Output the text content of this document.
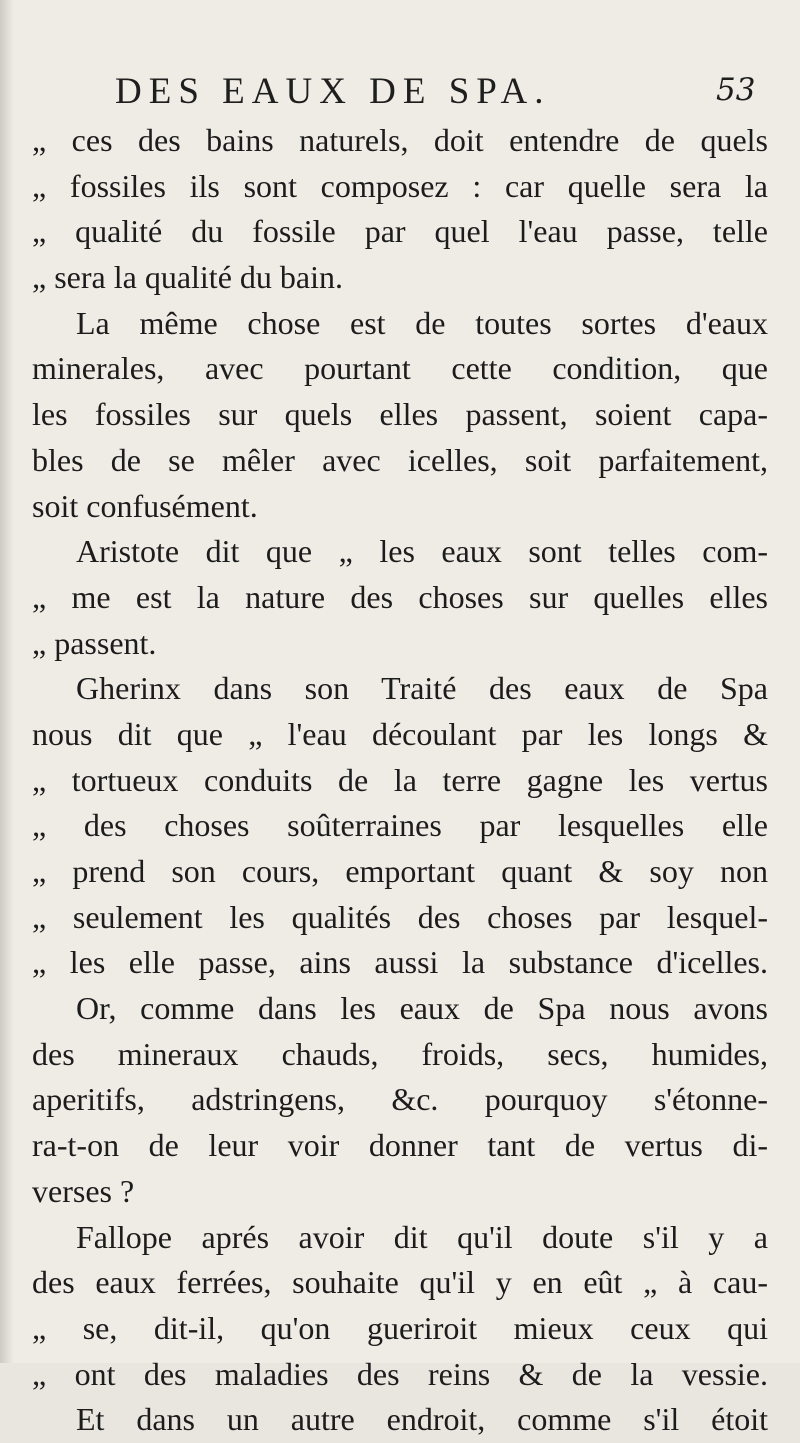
DES EAUX DE SPA.	53
„ ces des bains naturels, doit entendre de quels
„ fossiles ils sont composez : car quelle sera la
„ qualité du fossile par quel l'eau passe, telle
„ sera la qualité du bain.
La même chose est de toutes sortes d'eaux
minerales, avec pourtant cette condition, que
les fossiles sur quels elles passent, soient capa-
bles de se mêler avec icelles, soit parfaitement,
soit confusément.
Aristote dit que „ les eaux sont telles com-
„ me est la nature des choses sur quelles elles
„ passent.
Gherinx dans son Traité des eaux de Spa
nous dit que „ l'eau découlant par les longs &
„ tortueux conduits de la terre gagne les vertus
„ des choses soûterraines par lesquelles elle
„ prend son cours, emportant quant & soy non
„ seulement les qualités des choses par lesquel-
„ les elle passe, ains aussi la substance d'icelles.
Or, comme dans les eaux de Spa nous avons
des mineraux chauds, froids, secs, humides,
aperitifs, adstringens, &c. pourquoy s'étonne-
ra-t-on de leur voir donner tant de vertus di-
verses ?
Fallope aprés avoir dit qu'il doute s'il y a
des eaux ferrées, souhaite qu'il y en eût „ à cau-
„ se, dit-il, qu'on gueriroit mieux ceux qui
„ ont des maladies des reins & de la vessie.
Et dans un autre endroit, comme s'il étoit
